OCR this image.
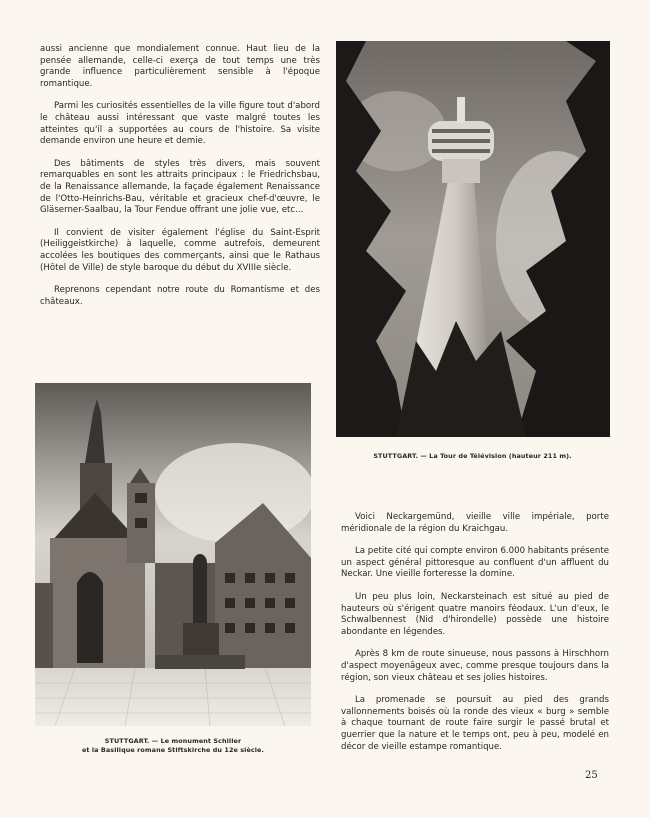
aussi ancienne que mondialement connue. Haut lieu de la pensée allemande, celle-ci exerça de tout temps une très grande influence particulièrement sensible à l'époque romantique.

Parmi les curiosités essentielles de la ville figure tout d'abord le château aussi intéressant que vaste malgré toutes les atteintes qu'il a supportées au cours de l'histoire. Sa visite demande environ une heure et demie.

Des bâtiments de styles très divers, mais souvent remarquables en sont les attraits principaux : le Friedrichsbau, de la Renaissance allemande, la façade également Renaissance de l'Otto-Heinrichs-Bau, véritable et gracieux chef-d'œuvre, le Gläserner-Saalbau, la Tour Fendue offrant une jolie vue, etc...

Il convient de visiter également l'église du Saint-Esprit (Heiliggeistkirche) à laquelle, comme autrefois, demeurent accolées les boutiques des commerçants, ainsi que le Rathaus (Hôtel de Ville) de style baroque du début du XVIIIe siècle.

Reprenons cependant notre route du Romantisme et des châteaux.

STUTTGART. — La Tour de Télévision (hauteur 211 m).
STUTTGART. — Le monument Schiller
et la Basilique romane Stiftskirche du 12e siècle.

Voici Neckargemünd, vieille ville impériale, porte méridionale de la région du Kraichgau.

La petite cité qui compte environ 6.000 habitants présente un aspect général pittoresque au confluent d'un affluent du Neckar. Une vieille forteresse la domine.

Un peu plus loin, Neckarsteinach est situé au pied de hauteurs où s'érigent quatre manoirs féodaux. L'un d'eux, le Schwalbennest (Nid d'hirondelle) possède une histoire abondante en légendes.

Après 8 km de route sinueuse, nous passons à Hirschhorn d'aspect moyenâgeux avec, comme presque toujours dans la région, son vieux château et ses jolies histoires.

La promenade se poursuit au pied des grands vallonnements boisés où la ronde des vieux « burg » semble à chaque tournant de route faire surgir le passé brutal et guerrier que la nature et le temps ont, peu à peu, modelé en décor de vieille estampe romantique.

25
